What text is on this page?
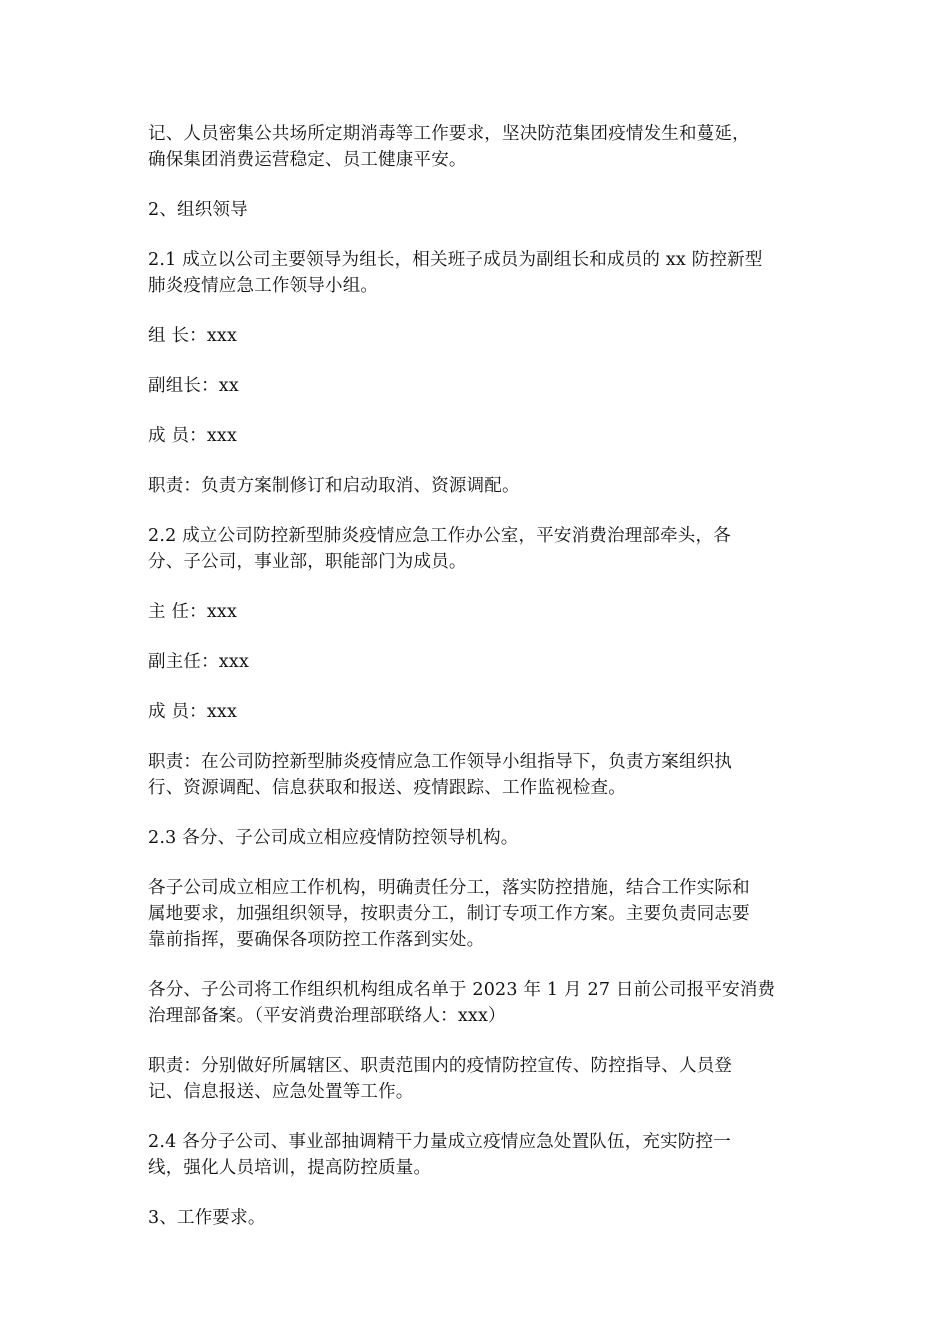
记、人员密集公共场所定期消毒等工作要求，坚决防范集团疫情发生和蔓延，
确保集团消费运营稳定、员工健康平安。

2、组织领导

2.1 成立以公司主要领导为组长，相关班子成员为副组长和成员的 xx 防控新型
肺炎疫情应急工作领导小组。

组 长：xxx

副组长：xx

成 员：xxx

职责：负责方案制修订和启动取消、资源调配。

2.2 成立公司防控新型肺炎疫情应急工作办公室，平安消费治理部牵头，各
分、子公司，事业部，职能部门为成员。

主 任：xxx

副主任：xxx

成 员：xxx

职责：在公司防控新型肺炎疫情应急工作领导小组指导下，负责方案组织执
行、资源调配、信息获取和报送、疫情跟踪、工作监视检查。

2.3 各分、子公司成立相应疫情防控领导机构。

各子公司成立相应工作机构，明确责任分工，落实防控措施，结合工作实际和
属地要求，加强组织领导，按职责分工，制订专项工作方案。主要负责同志要
靠前指挥，要确保各项防控工作落到实处。

各分、子公司将工作组织机构组成名单于 2023 年 1 月 27 日前公司报平安消费
治理部备案。（平安消费治理部联络人：xxx）

职责：分别做好所属辖区、职责范围内的疫情防控宣传、防控指导、人员登
记、信息报送、应急处置等工作。

2.4 各分子公司、事业部抽调精干力量成立疫情应急处置队伍，充实防控一
线，强化人员培训，提高防控质量。

3、工作要求。
